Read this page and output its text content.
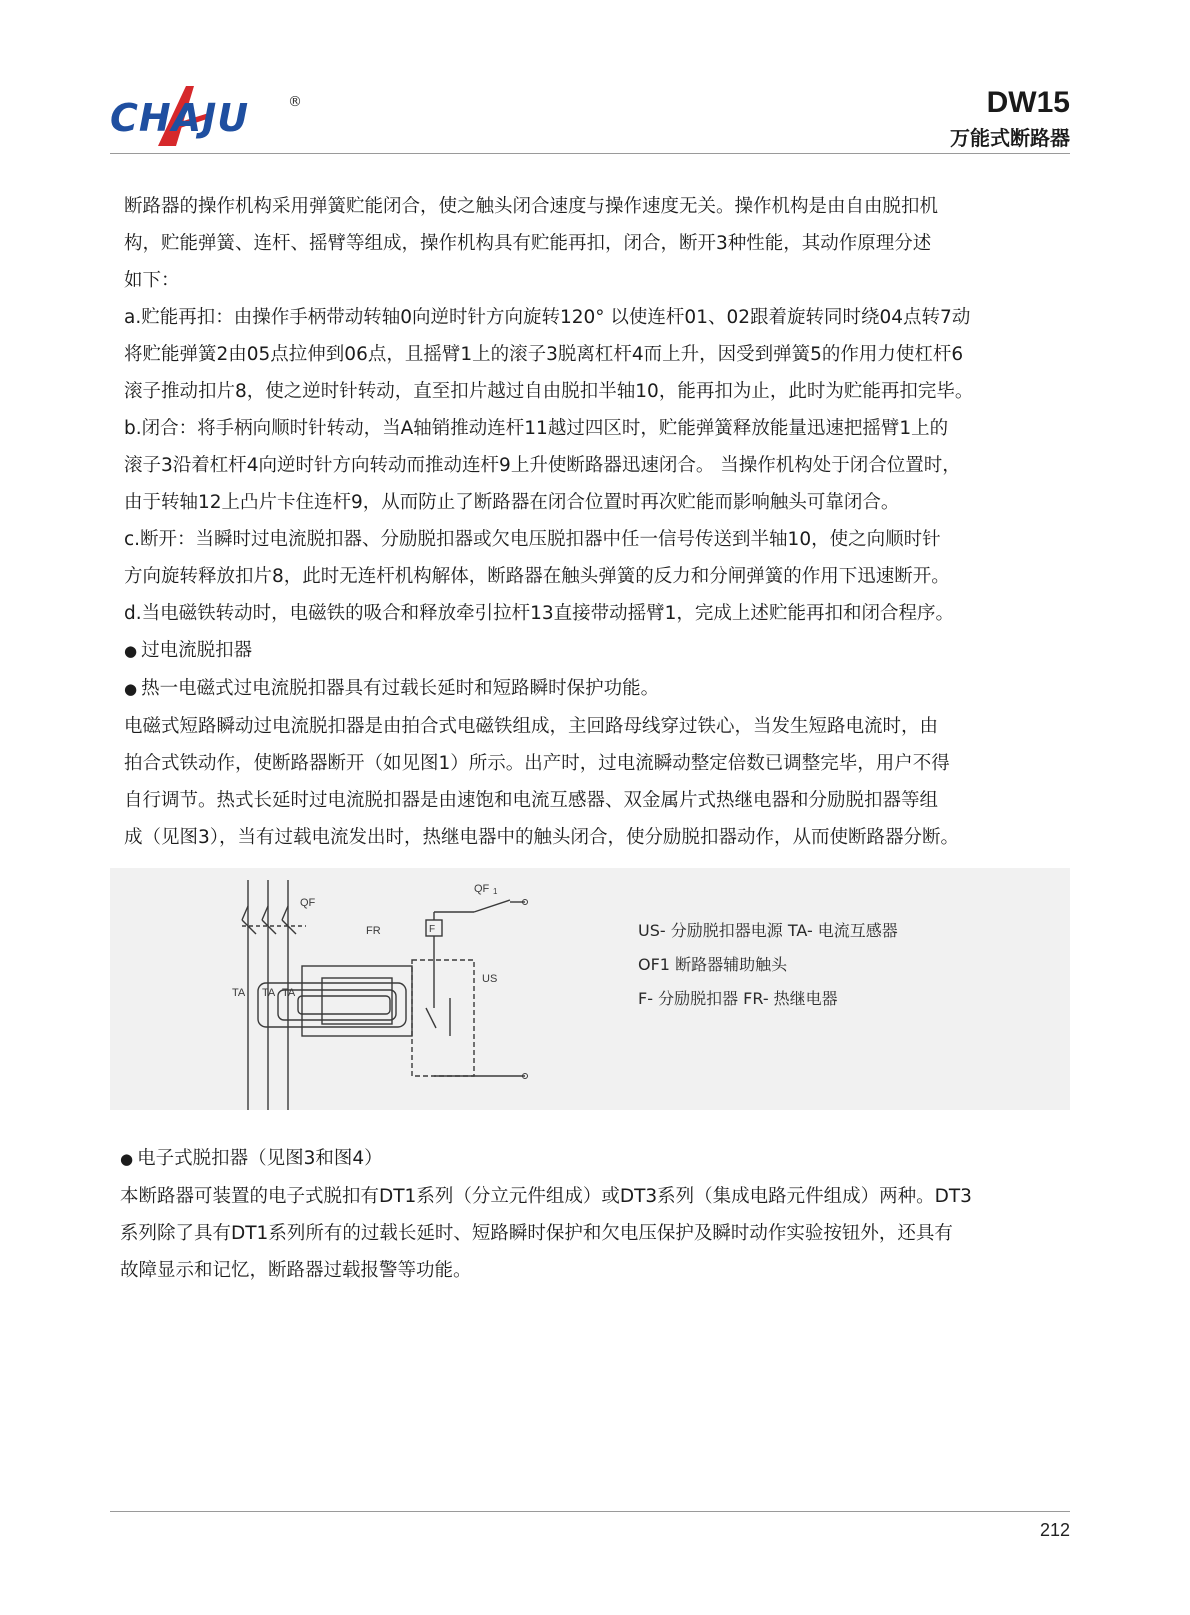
CHAJU	®	DW15
万能式断路器

断路器的操作机构采用弹簧贮能闭合，使之触头闭合速度与操作速度无关。操作机构是由自由脱扣机

构，贮能弹簧、连杆、摇臂等组成，操作机构具有贮能再扣，闭合，断开3种性能，其动作原理分述

如下：

a.贮能再扣：由操作手柄带动转轴0向逆时针方向旋转120° 以使连杆01、02跟着旋转同时绕04点转7动

将贮能弹簧2由05点拉伸到06点，且摇臂1上的滚子3脱离杠杆4而上升，因受到弹簧5的作用力使杠杆6

滚子推动扣片8，使之逆时针转动，直至扣片越过自由脱扣半轴10，能再扣为止，此时为贮能再扣完毕。

b.闭合：将手柄向顺时针转动，当A轴销推动连杆11越过四区时，贮能弹簧释放能量迅速把摇臂1上的

滚子3沿着杠杆4向逆时针方向转动而推动连杆9上升使断路器迅速闭合。 当操作机构处于闭合位置时，

由于转轴12上凸片卡住连杆9，从而防止了断路器在闭合位置时再次贮能而影响触头可靠闭合。

c.断开：当瞬时过电流脱扣器、分励脱扣器或欠电压脱扣器中任一信号传送到半轴10，使之向顺时针

方向旋转释放扣片8，此时无连杆机构解体，断路器在触头弹簧的反力和分闸弹簧的作用下迅速断开。

d.当电磁铁转动时，电磁铁的吸合和释放牵引拉杆13直接带动摇臂1，完成上述贮能再扣和闭合程序。

● 过电流脱扣器

● 热一电磁式过电流脱扣器具有过载长延时和短路瞬时保护功能。

电磁式短路瞬动过电流脱扣器是由拍合式电磁铁组成，主回路母线穿过铁心，当发生短路电流时，由

拍合式铁动作，使断路器断开（如见图1）所示。出产时，过电流瞬动整定倍数已调整完毕，用户不得

自行调节。热式长延时过电流脱扣器是由速饱和电流互感器、双金属片式热继电器和分励脱扣器等组

成（见图3），当有过载电流发出时，热继电器中的触头闭合，使分励脱扣器动作，从而使断路器分断。

QF
QF 1
FR	F
US
TA TA TA
US- 分励脱扣器电源 TA- 电流互感器
OF1 断路器辅助触头
F- 分励脱扣器 FR- 热继电器

● 电子式脱扣器（见图3和图4）

本断路器可装置的电子式脱扣有DT1系列（分立元件组成）或DT3系列（集成电路元件组成）两种。DT3

系列除了具有DT1系列所有的过载长延时、短路瞬时保护和欠电压保护及瞬时动作实验按钮外，还具有

故障显示和记忆，断路器过载报警等功能。

212
